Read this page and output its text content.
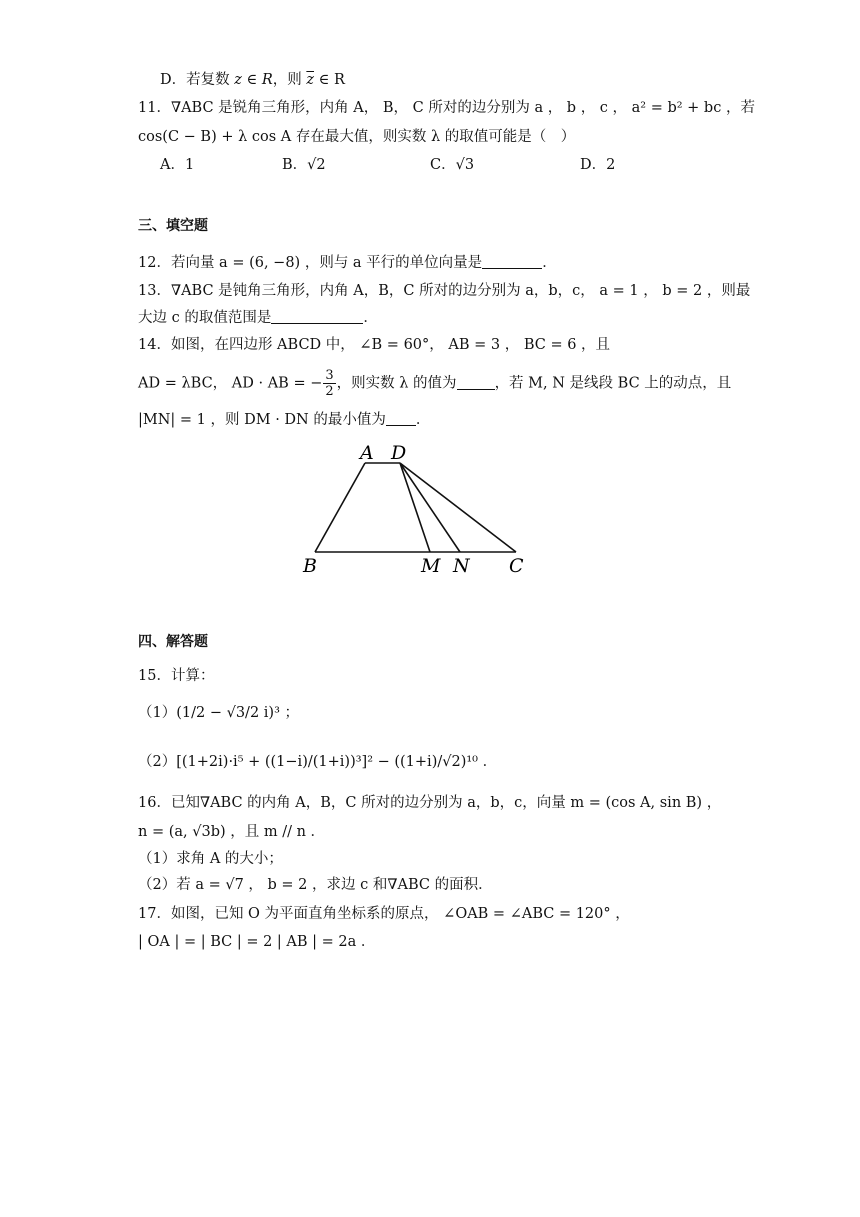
D．若复数 z ∈ R，则 $\overline{z}$ ∈ R
11．∇ABC 是锐角三角形，内角 A， B， C 所对的边分别为 a ， b ， c ， a² = b² + bc ，若
cos(C − B) + λ cos A 存在最大值，则实数 λ 的取值可能是（　）
A．1	B．√2	C．√3	D．2
三、填空题
12．若向量 a = (6, −8) ，则与 a 平行的单位向量是	．
13．∇ABC 是钝角三角形，内角 A，B，C 所对的边分别为 a，b，c， a = 1 ， b = 2 ，则最
大边 c 的取值范围是	．
14．如图，在四边形 ABCD 中， ∠B = 60°， AB = 3 ， BC = 6 ，且
AD = λBC， AD · AB = − $\frac{3}{2}$ ，则实数 λ 的值为	，若 M, N 是线段 BC 上的动点，且
|MN| = 1 ，则 DM · DN 的最小值为 ．
A D
B	M N C
四、解答题
15．计算：
（1）(1/2 − √3/2 i)³ ；
（2）[(1+2i)·i⁵ + ((1−i)/(1+i))³]² − ((1+i)/√2)¹⁰ ．
16．已知∇ABC 的内角 A，B，C 所对的边分别为 a，b，c，向量 m = (cos A, sin B) ，
n = (a, √3b) ，且 m // n ．
（1）求角 A 的大小；
（2）若 a = √7 ， b = 2 ，求边 c 和∇ABC 的面积．
17．如图，已知 O 为平面直角坐标系的原点， ∠OAB = ∠ABC = 120° ，
| OA | = | BC | = 2 | AB | = 2a ．
